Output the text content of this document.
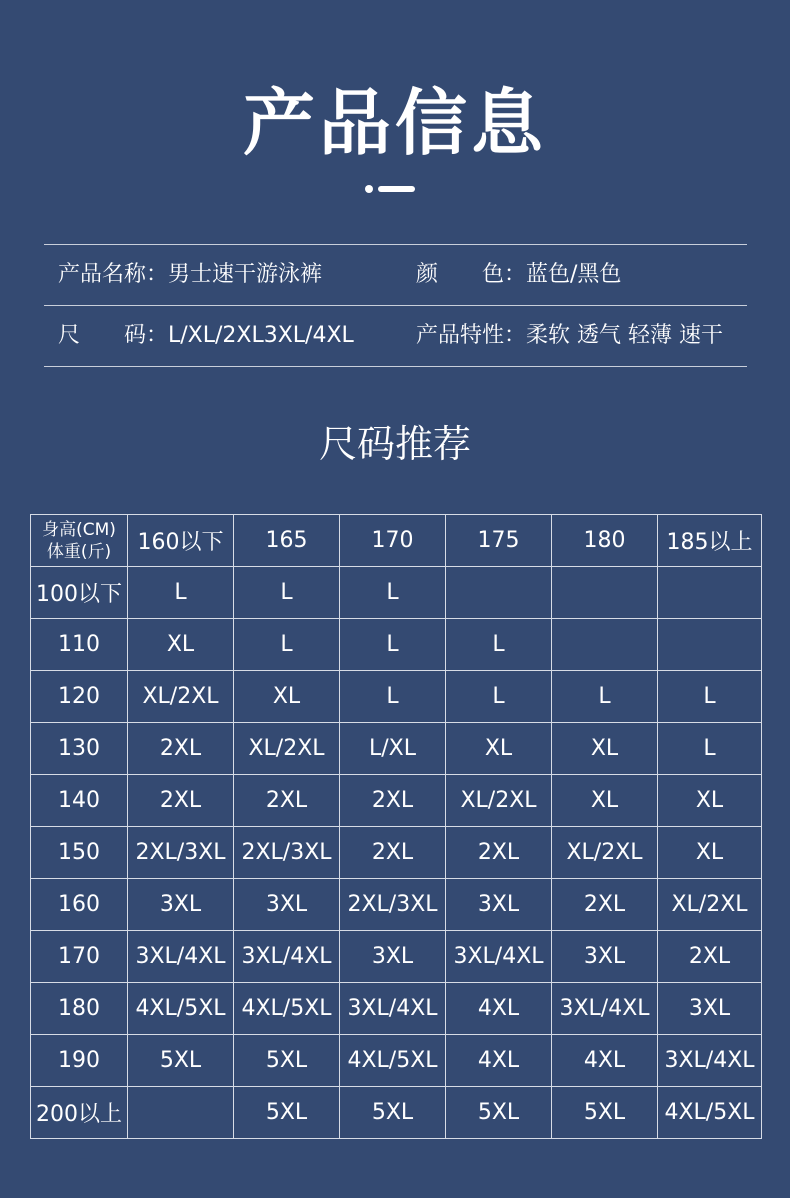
产品信息
产品名称：男士速干游泳裤	颜　　色：蓝色/黑色
尺　　码：L/XL/2XL3XL/4XL	产品特性：柔软 透气 轻薄 速干
尺码推荐
身高(CM)
体重(斤)	160以下	165	170	175	180	185以上
100以下	L	L	L			
110	XL	L	L	L		
120	XL/2XL	XL	L	L	L	L
130	2XL	XL/2XL	L/XL	XL	XL	L
140	2XL	2XL	2XL	XL/2XL	XL	XL
150	2XL/3XL	2XL/3XL	2XL	2XL	XL/2XL	XL
160	3XL	3XL	2XL/3XL	3XL	2XL	XL/2XL
170	3XL/4XL	3XL/4XL	3XL	3XL/4XL	3XL	2XL
180	4XL/5XL	4XL/5XL	3XL/4XL	4XL	3XL/4XL	3XL
190	5XL	5XL	4XL/5XL	4XL	4XL	3XL/4XL
200以上		5XL	5XL	5XL	5XL	4XL/5XL
